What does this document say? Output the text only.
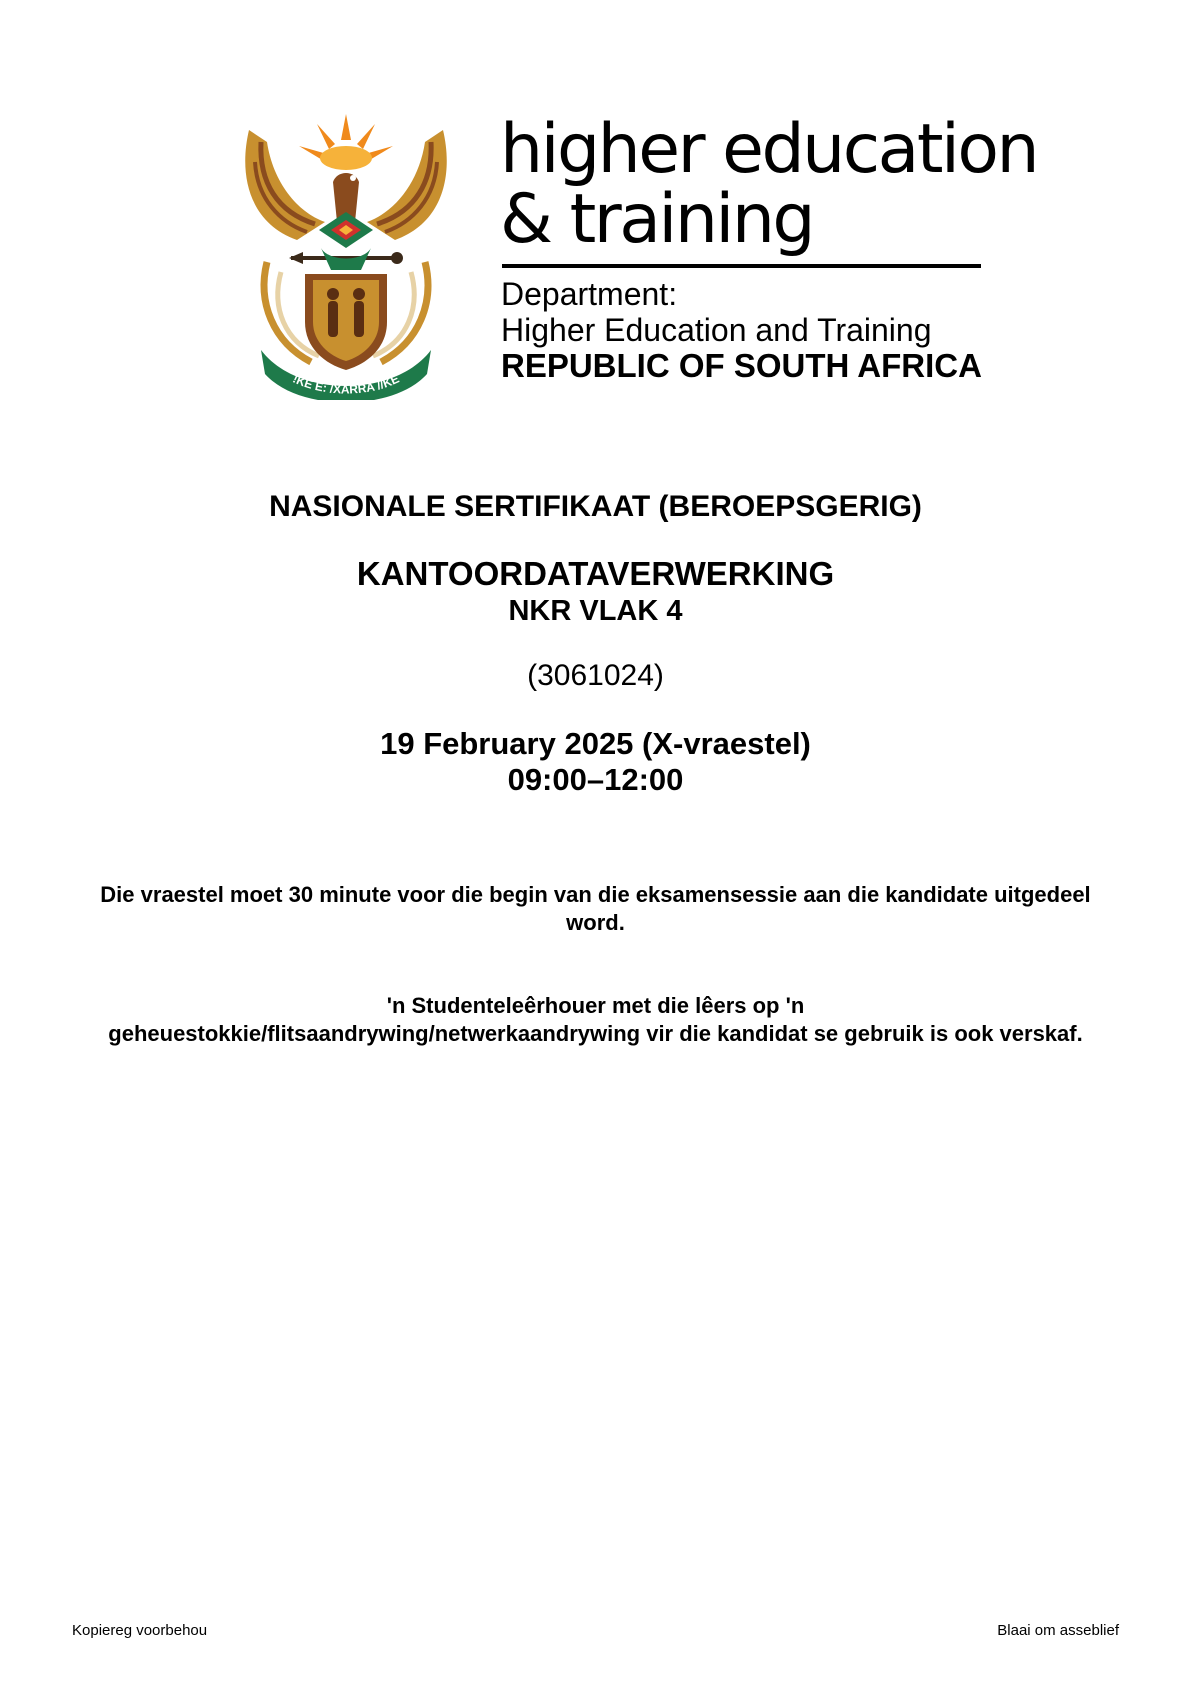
!KE E: /XARRA //KE
higher education
& training
Department:
Higher Education and Training
REPUBLIC OF SOUTH AFRICA
NASIONALE SERTIFIKAAT (BEROEPSGERIG)
KANTOORDATAVERWERKING
NKR VLAK 4
(3061024)
19 February 2025 (X-vraestel)
09:00–12:00
Die vraestel moet 30 minute voor die begin van die eksamensessie aan die kandidate uitgedeel word.
'n Studenteleêrhouer met die lêers op 'n
geheuestokkie/flitsaandrywing/netwerkaandrywing vir die kandidat se gebruik is ook verskaf.
Kopiereg voorbehou	Blaai om asseblief
